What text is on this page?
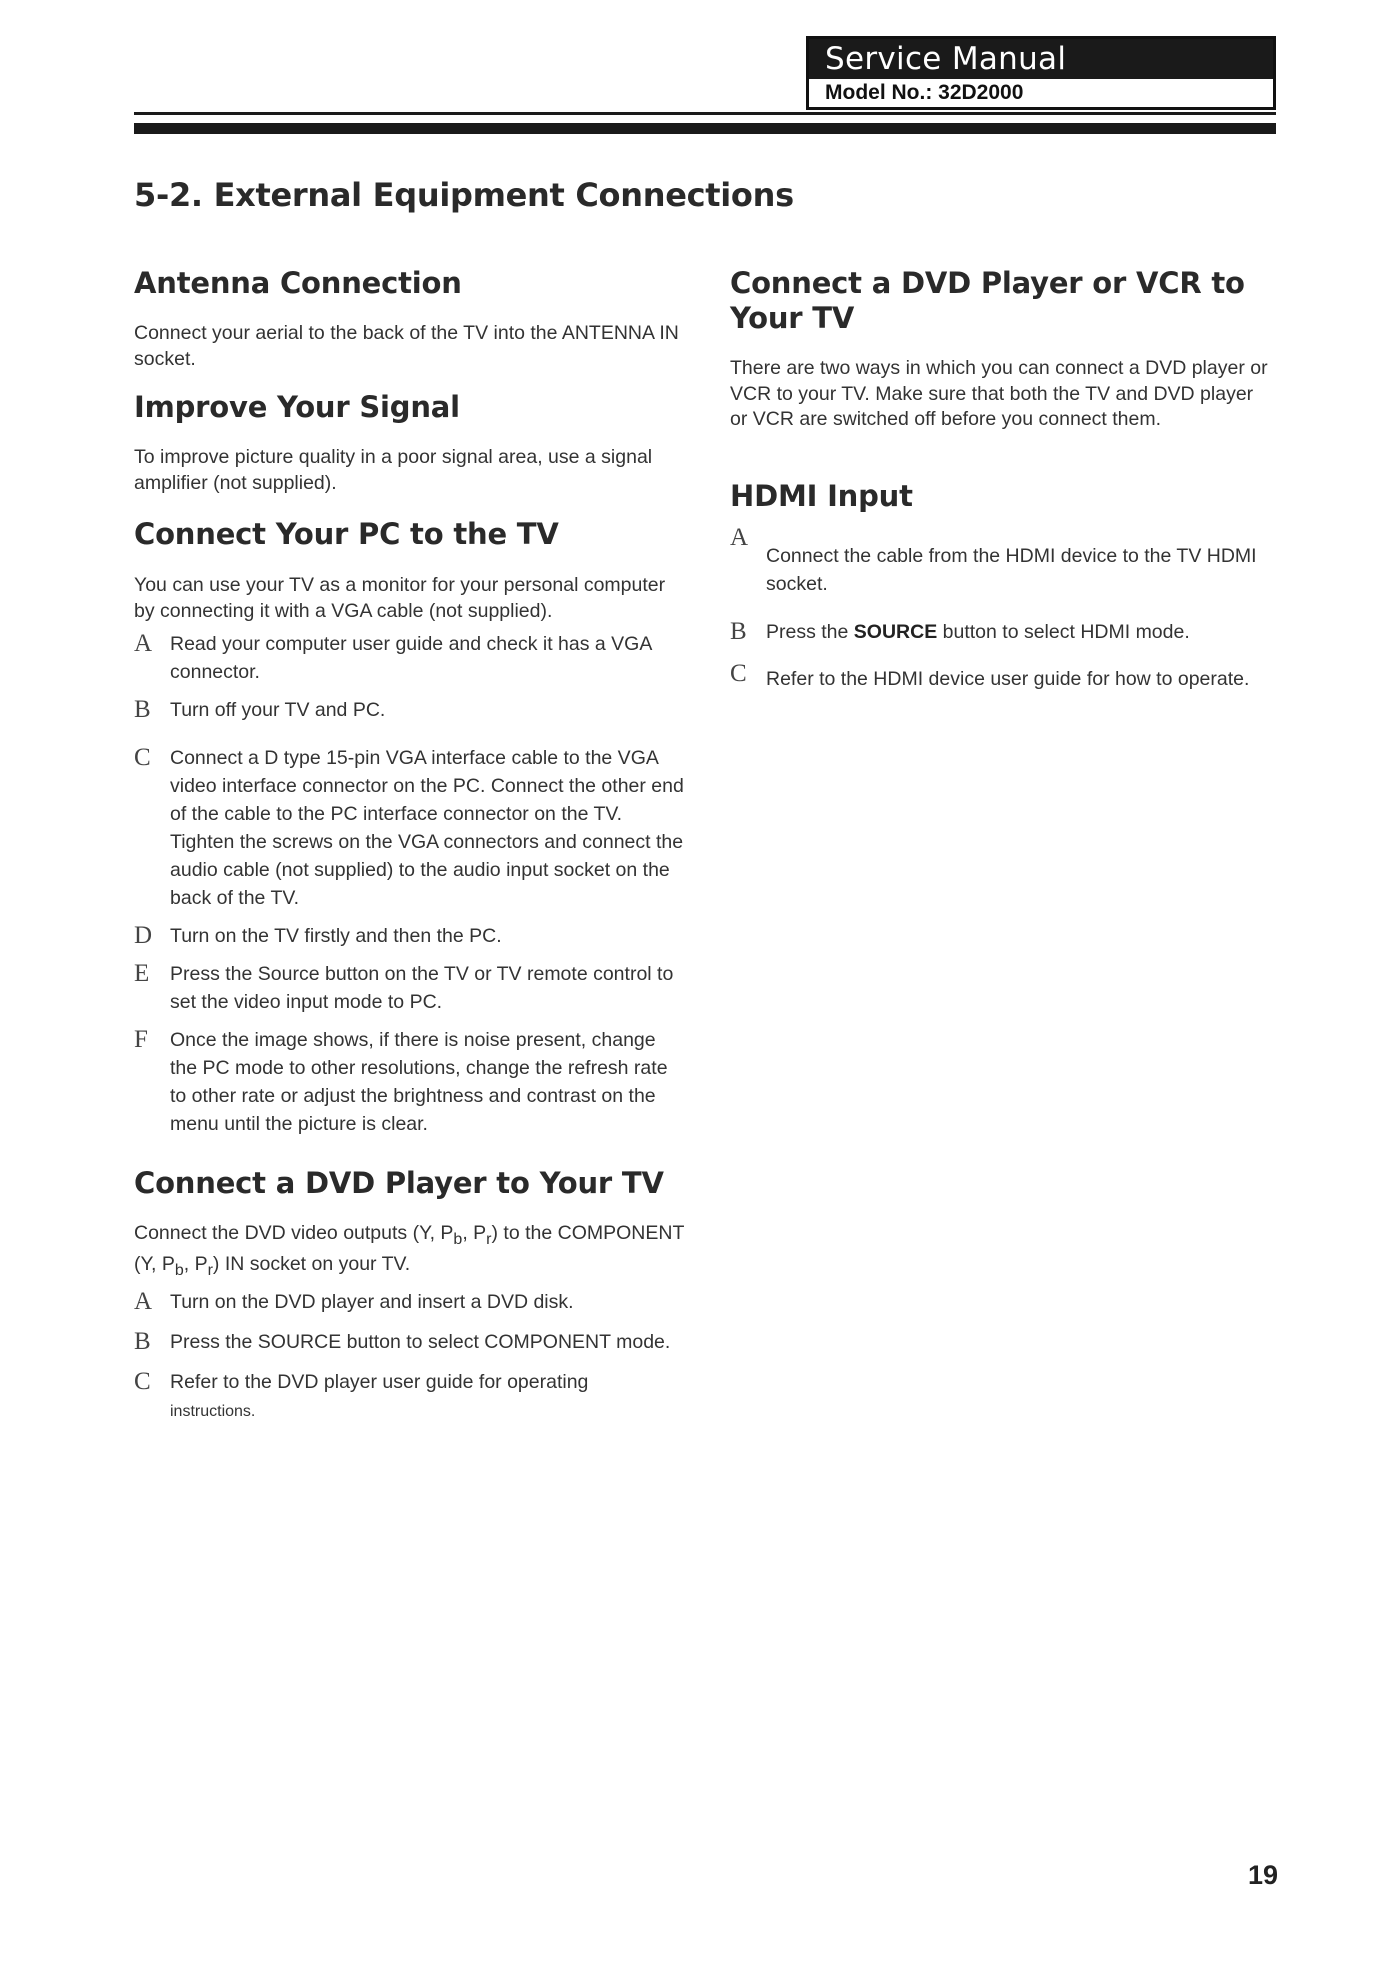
Service Manual
Model No.: 32D2000
5-2. External Equipment Connections
Antenna Connection

Connect your aerial to the back of the TV into the ANTENNA IN socket.

Improve Your Signal

To improve picture quality in a poor signal area, use a signal amplifier (not supplied).

Connect Your PC to the TV

You can use your TV as a monitor for your personal computer by connecting it with a VGA cable (not supplied).

A Read your computer user guide and check it has a VGA connector.
B Turn off your TV and PC.
C Connect a D type 15-pin VGA interface cable to the VGA video interface connector on the PC. Connect the other end of the cable to the PC interface connector on the TV. Tighten the screws on the VGA connectors and connect the audio cable (not supplied) to the audio input socket on the back of the TV.
D Turn on the TV firstly and then the PC.
E Press the Source button on the TV or TV remote control to set the video input mode to PC.
F Once the image shows, if there is noise present, change the PC mode to other resolutions, change the refresh rate to other rate or adjust the brightness and contrast on the menu until the picture is clear.
Connect a DVD Player to Your TV

Connect the DVD video outputs (Y, $P_b$, $P_r$) to the COMPONENT (Y, $P_b$, $P_r$) IN socket on your TV.

A Turn on the DVD player and insert a DVD disk.
B Press the SOURCE button to select COMPONENT mode.
C Refer to the DVD player user guide for operating
instructions.
Connect a DVD Player or VCR to Your TV

There are two ways in which you can connect a DVD player or VCR to your TV. Make sure that both the TV and DVD player or VCR are switched off before you connect them.

HDMI Input
A
Connect the cable from the HDMI device to the TV HDMI socket.
B Press the SOURCE button to select HDMI mode.
C Refer to the HDMI device user guide for how to operate.
19
